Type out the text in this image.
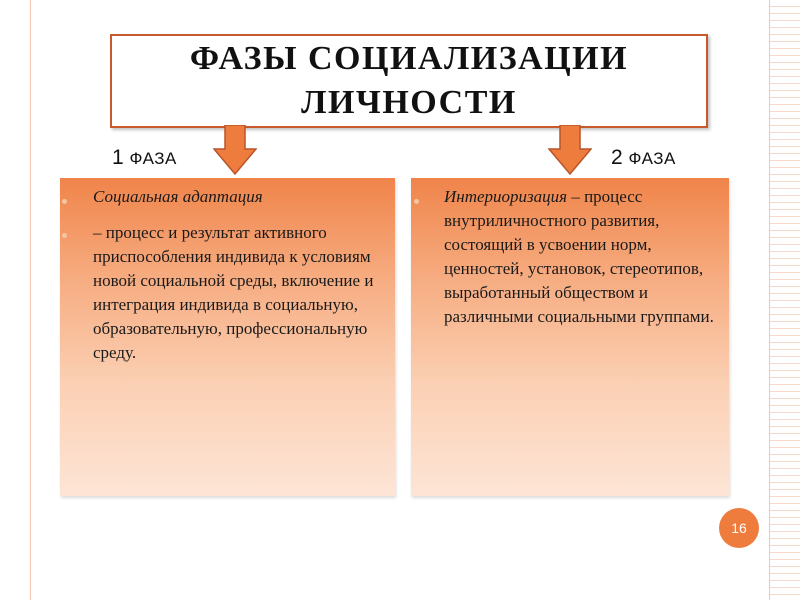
ФАЗЫ СОЦИАЛИЗАЦИИ
ЛИЧНОСТИ
1 ФАЗА	2 ФАЗА
Социальная адаптация
– процесс и результат активного приспособления индивида к условиям новой социальной среды, включение и интеграция индивида в социальную, образовательную, профессиональную среду.
Интериоризация – процесс внутриличностного развития, состоящий в усвоении норм, ценностей, установок, стереотипов, выработанный обществом и различными социальными группами.
16
